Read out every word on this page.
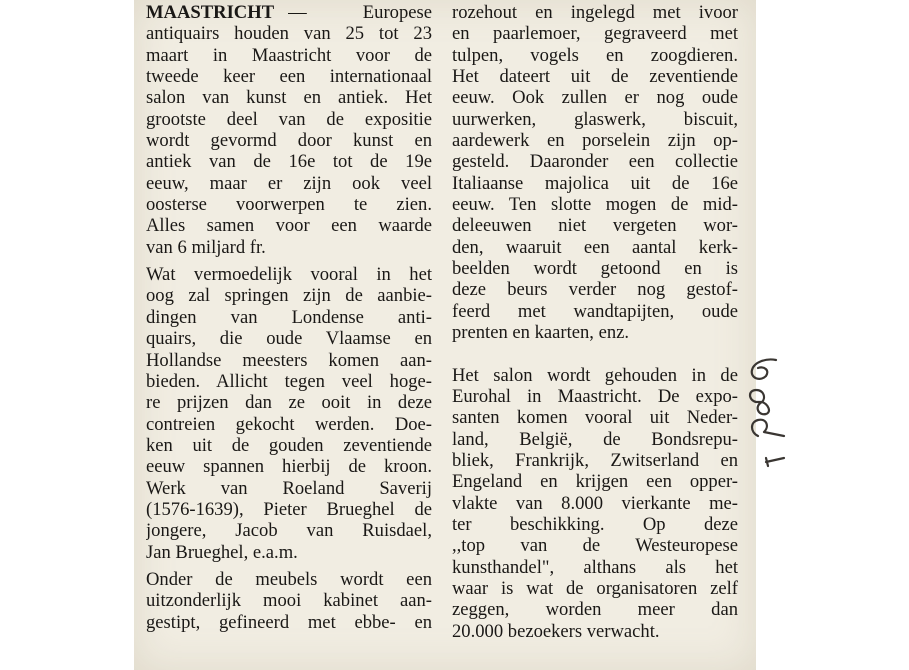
MAASTRICHT — Europese
antiquairs houden van 25 tot 23
maart in Maastricht voor de
tweede keer een internationaal
salon van kunst en antiek. Het
grootste deel van de expositie
wordt gevormd door kunst en
antiek van de 16e tot de 19e
eeuw, maar er zijn ook veel
oosterse voorwerpen te zien.
Alles samen voor een waarde
van 6 miljard fr.

Wat vermoedelijk vooral in het
oog zal springen zijn de aanbie-
dingen van Londense anti-
quairs, die oude Vlaamse en
Hollandse meesters komen aan-
bieden. Allicht tegen veel hoge-
re prijzen dan ze ooit in deze
contreien gekocht werden. Doe-
ken uit de gouden zeventiende
eeuw spannen hierbij de kroon.
Werk van Roeland Saverij
(1576-1639), Pieter Brueghel de
jongere, Jacob van Ruisdael,
Jan Brueghel, e.a.m.

Onder de meubels wordt een
uitzonderlijk mooi kabinet aan-
gestipt, gefineerd met ebbe- en

rozehout en ingelegd met ivoor
en paarlemoer, gegraveerd met
tulpen, vogels en zoogdieren.
Het dateert uit de zeventiende
eeuw. Ook zullen er nog oude
uurwerken, glaswerk, biscuit,
aardewerk en porselein zijn op-
gesteld. Daaronder een collectie
Italiaanse majolica uit de 16e
eeuw. Ten slotte mogen de mid-
deleeuwen niet vergeten wor-
den, waaruit een aantal kerk-
beelden wordt getoond en is
deze beurs verder nog gestof-
feerd met wandtapijten, oude
prenten en kaarten, enz.

Het salon wordt gehouden in de
Eurohal in Maastricht. De expo-
santen komen vooral uit Neder-
land, België, de Bondsrepu-
bliek, Frankrijk, Zwitserland en
Engeland en krijgen een opper-
vlakte van 8.000 vierkante me-
ter beschikking. Op deze
,,top van de Westeuropese
kunsthandel", althans als het
waar is wat de organisatoren zelf
zeggen, worden meer dan
20.000 bezoekers verwacht.
